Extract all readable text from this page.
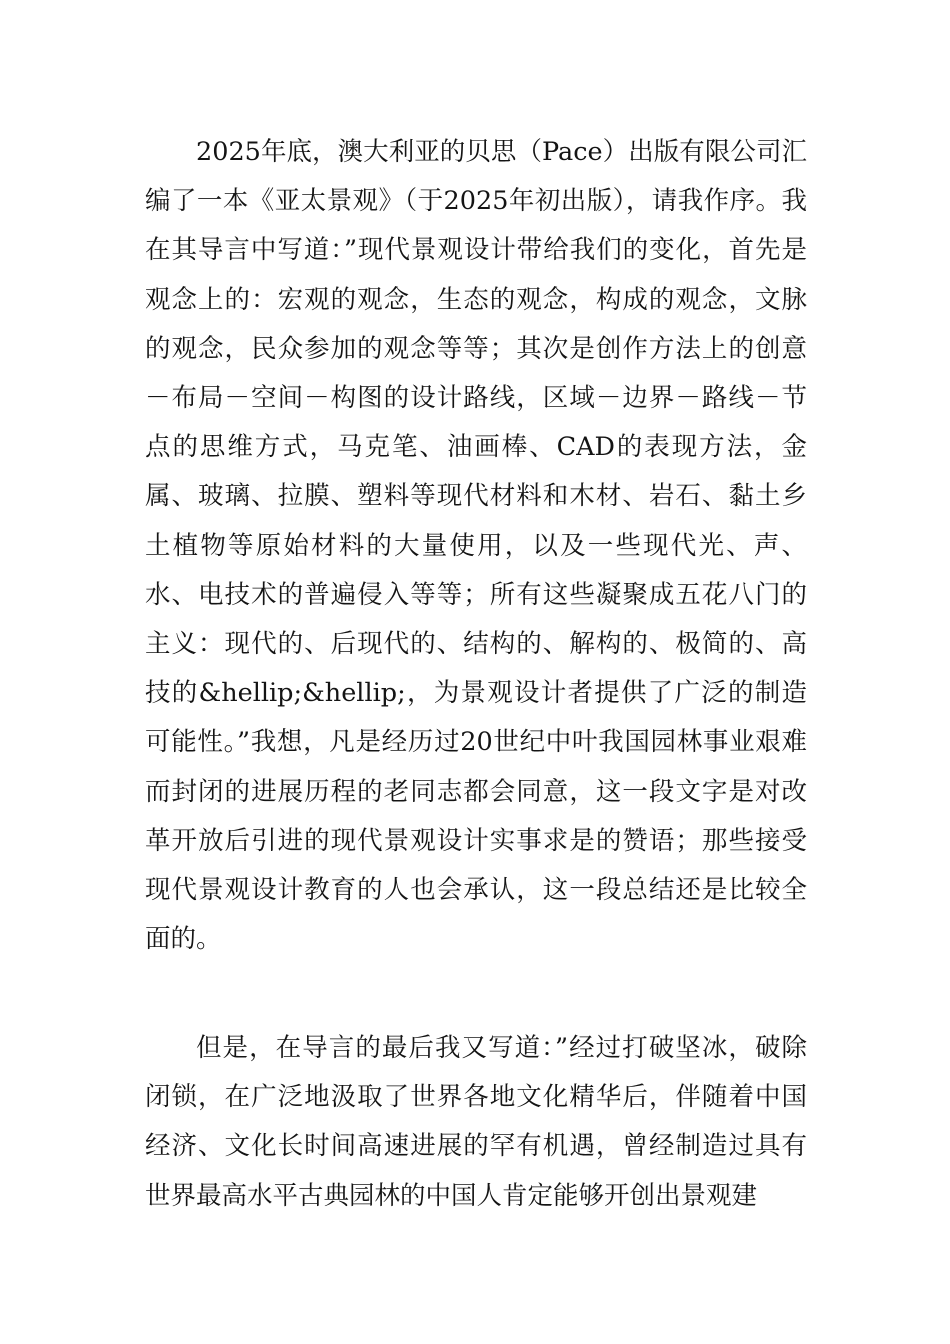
2025年底，澳大利亚的贝思（Pace）出版有限公司汇编了一本《亚太景观》（于2025年初出版），请我作序。我在其导言中写道：”现代景观设计带给我们的变化，首先是观念上的：宏观的观念，生态的观念，构成的观念，文脉的观念，民众参加的观念等等；其次是创作方法上的创意－布局－空间－构图的设计路线，区域－边界－路线－节点的思维方式，马克笔、油画棒、CAD的表现方法，金属、玻璃、拉膜、塑料等现代材料和木材、岩石、黏土乡土植物等原始材料的大量使用，以及一些现代光、声、水、电技术的普遍侵入等等；所有这些凝聚成五花八门的主义：现代的、后现代的、结构的、解构的、极简的、高技的&hellip;&hellip;，为景观设计者提供了广泛的制造可能性。”我想，凡是经历过20世纪中叶我国园林事业艰难而封闭的进展历程的老同志都会同意，这一段文字是对改革开放后引进的现代景观设计实事求是的赞语；那些接受现代景观设计教育的人也会承认，这一段总结还是比较全面的。

但是，在导言的最后我又写道：”经过打破坚冰，破除闭锁，在广泛地汲取了世界各地文化精华后，伴随着中国经济、文化长时间高速进展的罕有机遇，曾经制造过具有世界最高水平古典园林的中国人肯定能够开创出景观建
